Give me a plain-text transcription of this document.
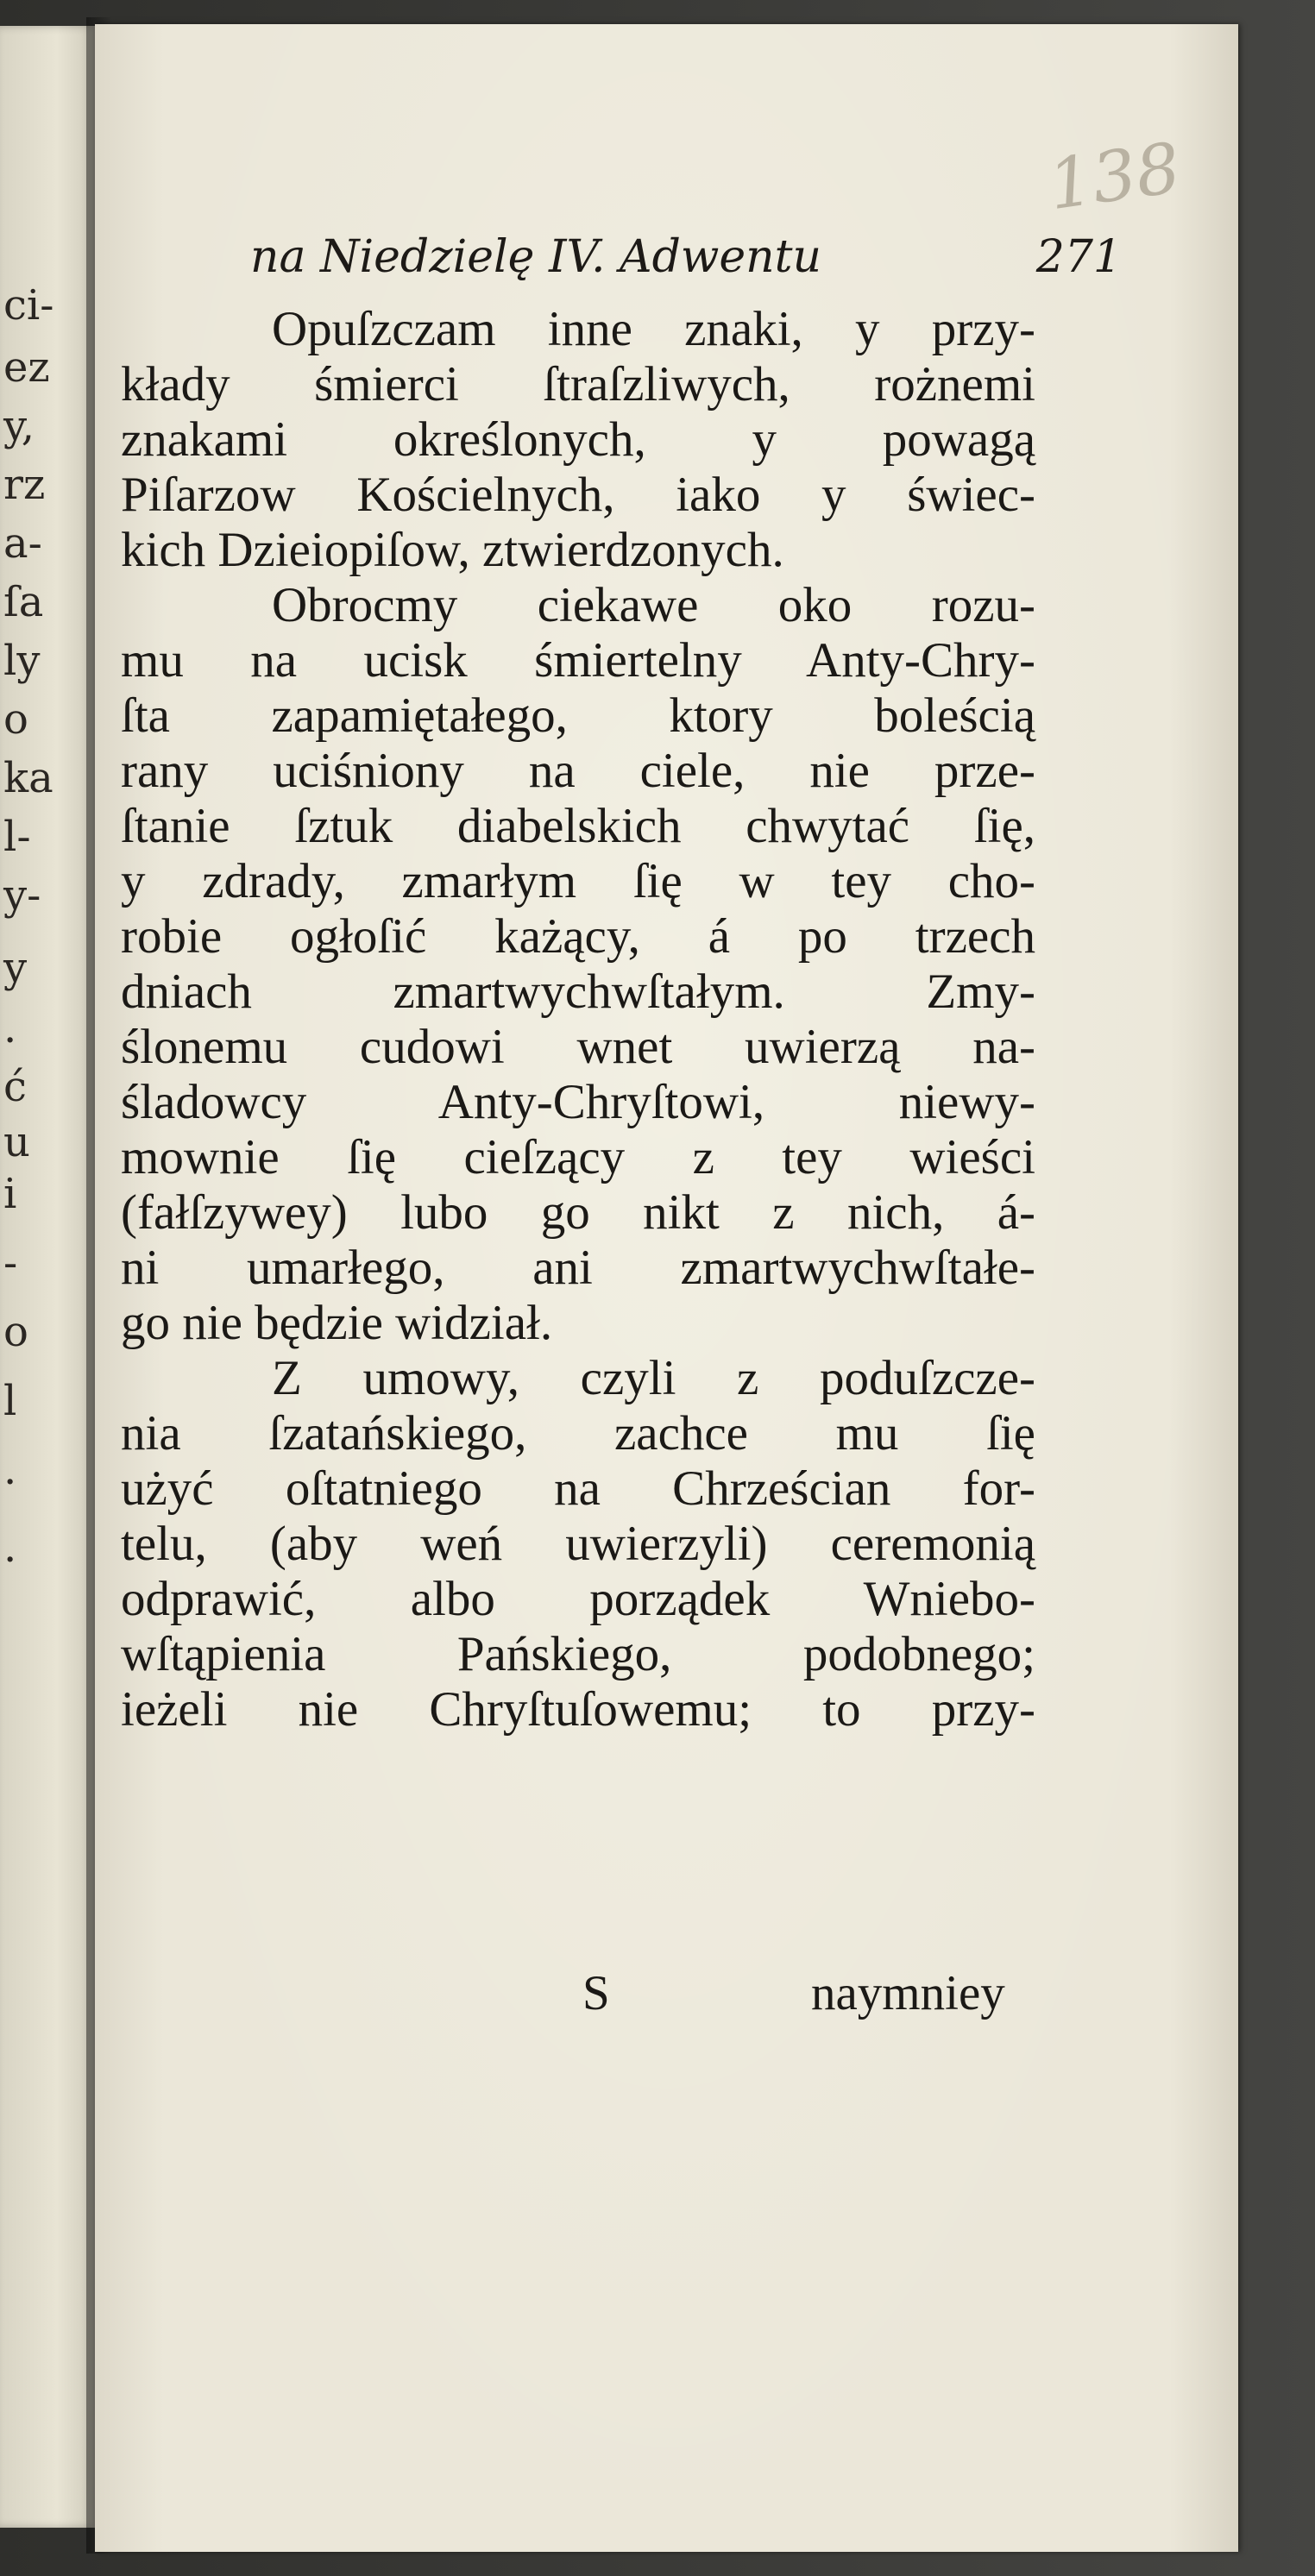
ci-
ez
y,
rz
a-
ſa
ly
o
ka
l-
y-
y
.
ć
u
i
-
o
l
.
.
138
na Niedzielę IV. Adwentu	271
Opuſzczam inne znaki, y przy-
kłady śmierci ſtraſzliwych, rożnemi
znakami określonych, y powagą
Piſarzow Kościelnych, iako y świec-
kich Dzieiopiſow, ztwierdzonych.
Obrocmy ciekawe oko rozu-
mu na ucisk śmiertelny Anty-Chry-
ſta zapamiętałego, ktory boleścią
rany uciśniony na ciele, nie prze-
ſtanie ſztuk diabelskich chwytać ſię,
y zdrady, zmarłym ſię w tey cho-
robie ogłoſić każący, á po trzech
dniach zmartwychwſtałym. Zmy-
ślonemu cudowi wnet uwierzą na-
śladowcy Anty-Chryſtowi, niewy-
mownie ſię cieſzący z tey wieści
(fałſzywey) lubo go nikt z nich, á-
ni umarłego, ani zmartwychwſtałe-
go nie będzie widział.
Z umowy, czyli z poduſzcze-
nia ſzatańskiego, zachce mu ſię
użyć oſtatniego na Chrześcian for-
telu, (aby weń uwierzyli) ceremonią
odprawić, albo porządek Wniebo-
wſtąpienia Pańskiego, podobnego;
ieżeli nie Chryſtuſowemu; to przy-
S	naymniey
